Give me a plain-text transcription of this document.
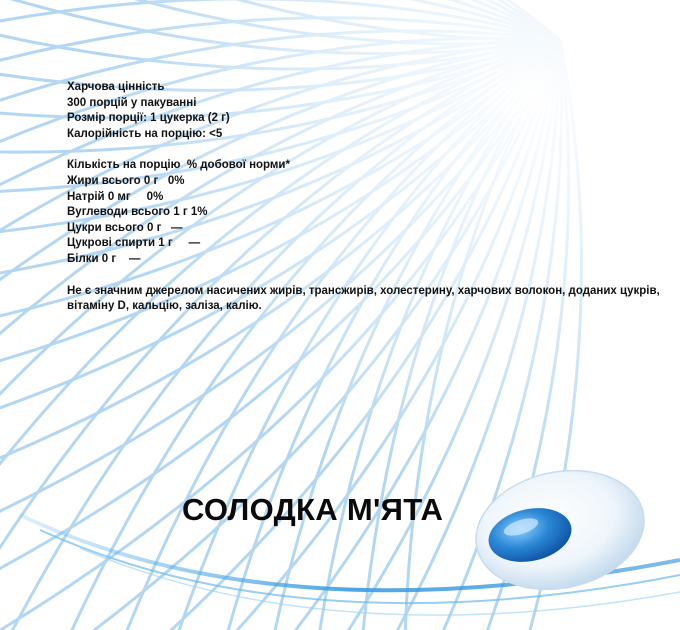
Харчова цінність
300 порцій у пакуванні
Розмір порції: 1 цукерка (2 г)
Калорійність на порцію: <5
Кількість на порцію  % добової норми*
Жири всього 0 г   0%
Натрій 0 мг     0%
Вуглеводи всього 1 г 1%
Цукри всього 0 г   —
Цукрові спирти 1 г     —
Білки 0 г    —
Не є значним джерелом насичених жирів, трансжирів, холестерину, харчових волокон, доданих цукрів, вітаміну D, кальцію, заліза, калію.
СОЛОДКА М'ЯТА
